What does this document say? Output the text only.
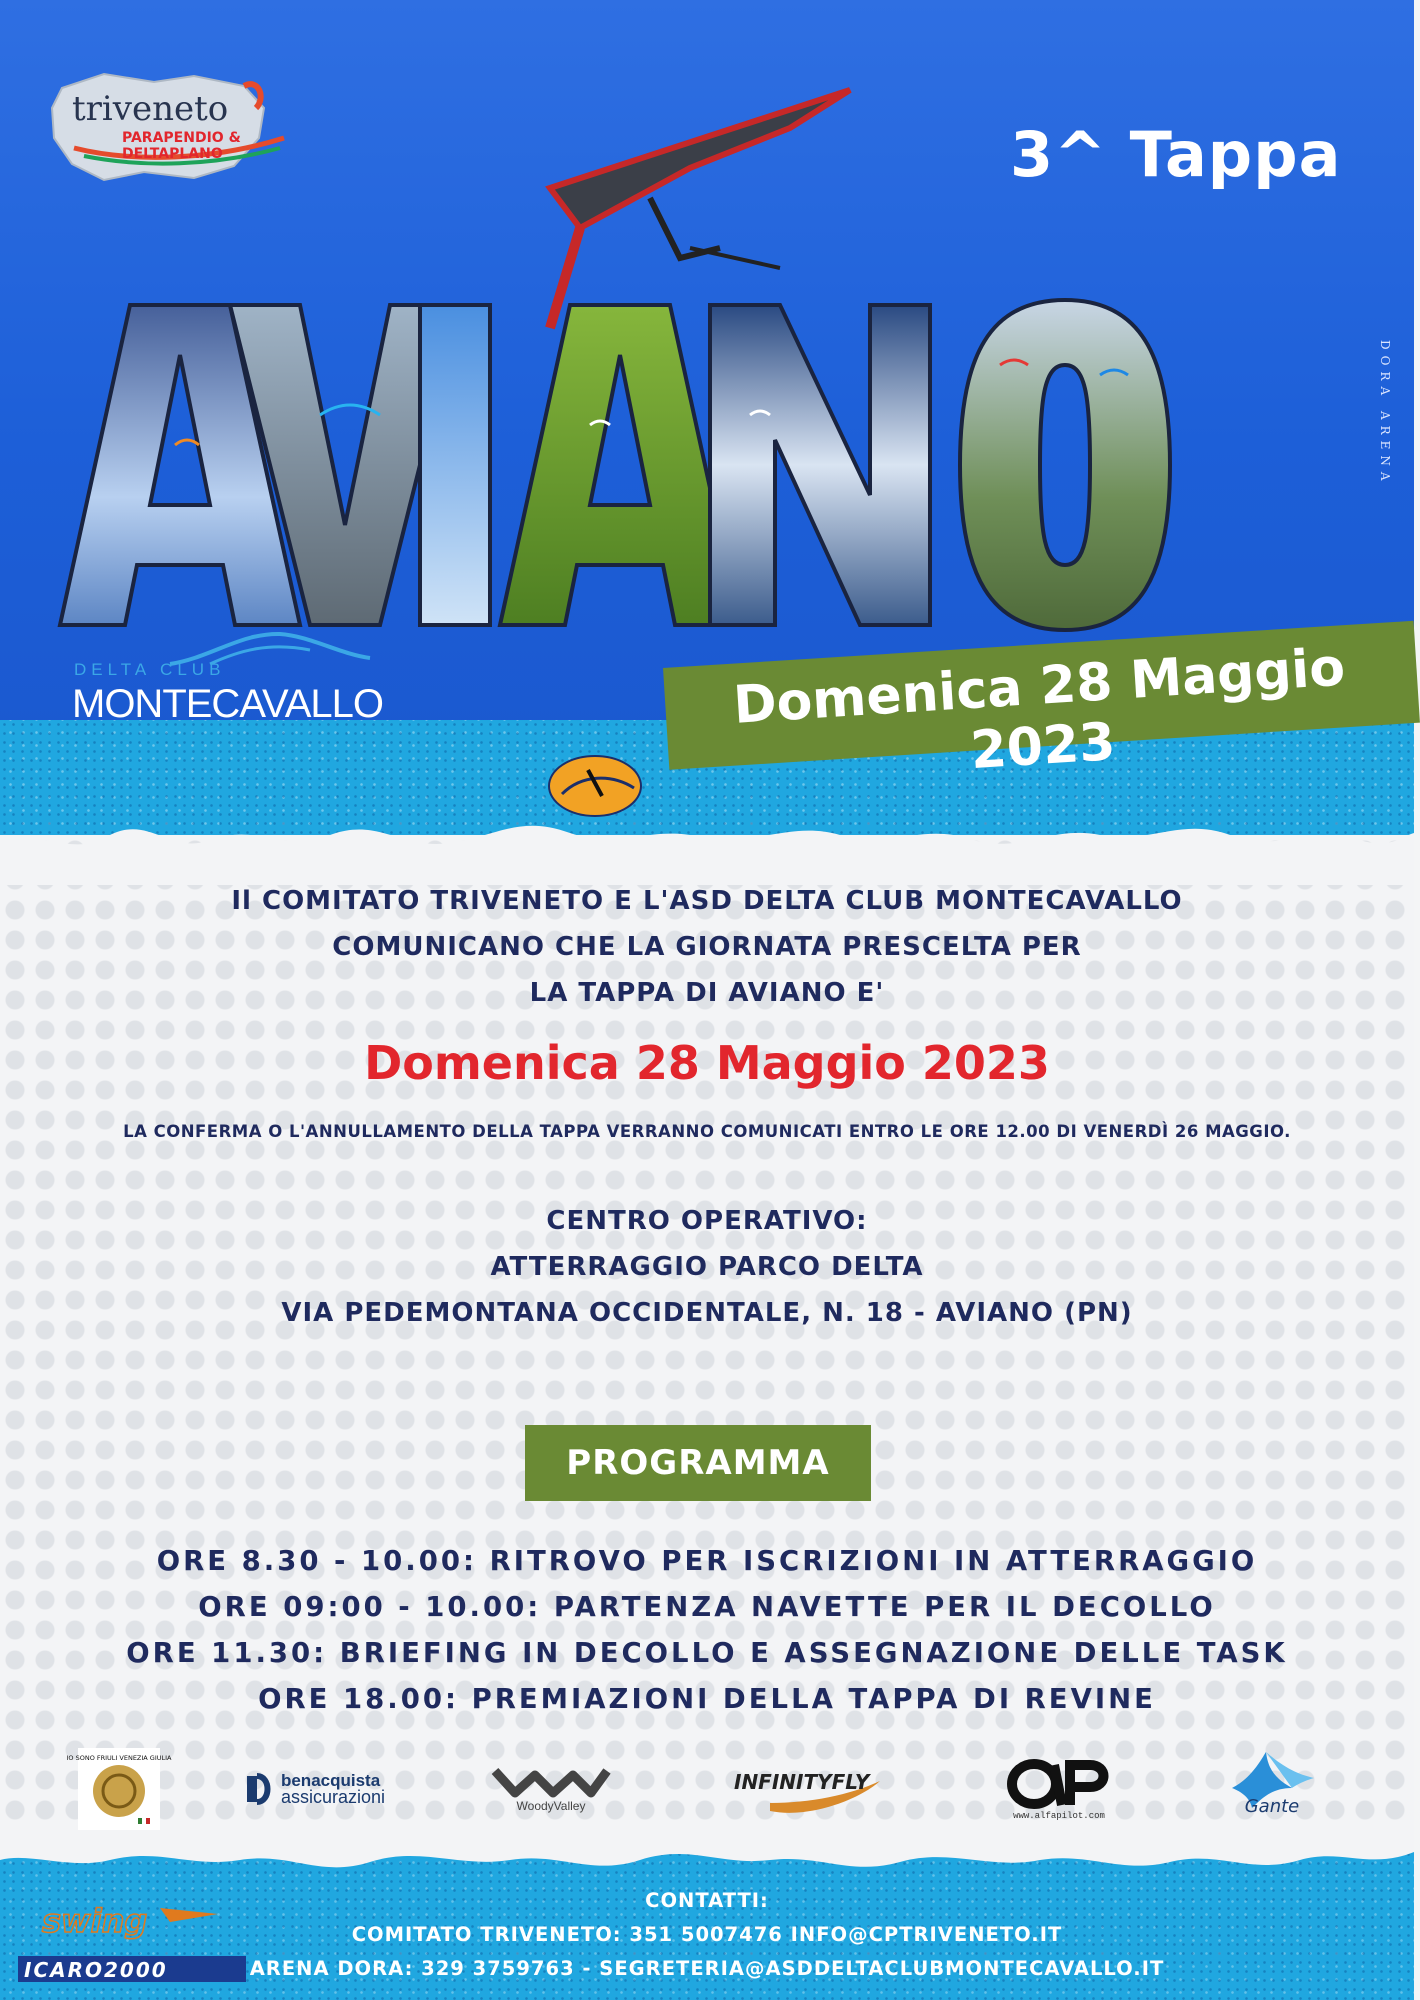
triveneto
PARAPENDIO &
DELTAPLANO	3^ Tappa
DORA ARENA
DELTA CLUB
MONTECAVALLO	Domenica 28 Maggio 2023
Il COMITATO TRIVENETO E L'ASD DELTA CLUB MONTECAVALLO
COMUNICANO CHE LA GIORNATA PRESCELTA PER
LA TAPPA DI AVIANO E'
Domenica 28 Maggio 2023
LA CONFERMA O L'ANNULLAMENTO DELLA TAPPA VERRANNO COMUNICATI ENTRO LE ORE 12.00 DI VENERDÌ 26 MAGGIO.
CENTRO OPERATIVO:
ATTERRAGGIO PARCO DELTA
VIA PEDEMONTANA OCCIDENTALE, N. 18 - AVIANO (PN)
PROGRAMMA
ORE 8.30 - 10.00: RITROVO PER ISCRIZIONI IN ATTERRAGGIO
ORE 09:00 - 10.00: PARTENZA NAVETTE PER IL DECOLLO
ORE 11.30: BRIEFING IN DECOLLO E ASSEGNAZIONE DELLE TASK
ORE 18.00: PREMIAZIONI DELLA TAPPA DI REVINE
IO SONO FRIULI VENEZIA GIULIA
benacquista
assicurazioni	WoodyValley
INFINITYFLY
www.alfapilot.com	Gante
swing
ICARO2000
CONTATTI:
COMITATO TRIVENETO: 351 5007476 INFO@CPTRIVENETO.IT
ARENA DORA: 329 3759763 - SEGRETERIA@ASDDELTACLUBMONTECAVALLO.IT
